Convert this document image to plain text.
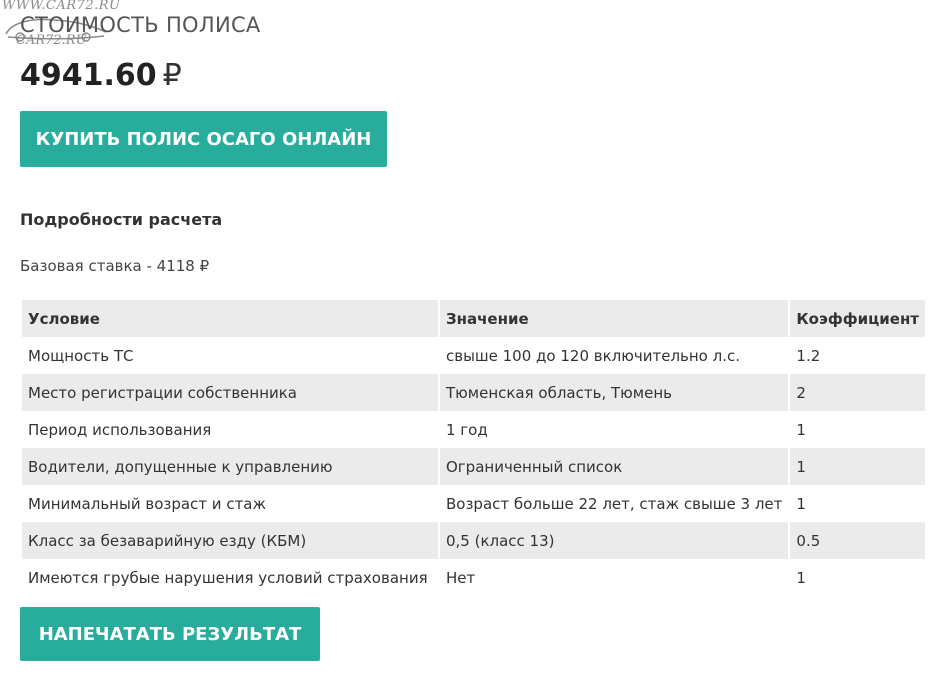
WWW.CAR72.RU
CAR72.RU
СТОИМОСТЬ ПОЛИСА
4941.60 ₽
КУПИТЬ ПОЛИС ОСАГО ОНЛАЙН
Подробности расчета
Базовая ставка - 4118 ₽
Условие	Значение	Коэффициент
Мощность ТС	свыше 100 до 120 включительно л.с.	1.2
Место регистрации собственника	Тюменская область, Тюмень	2
Период использования	1 год	1
Водители, допущенные к управлению	Ограниченный список	1
Минимальный возраст и стаж	Возраст больше 22 лет, стаж свыше 3 лет	1
Класс за безаварийную езду (КБМ)	0,5 (класс 13)	0.5
Имеются грубые нарушения условий страхования	Нет	1
НАПЕЧАТАТЬ РЕЗУЛЬТАТ
